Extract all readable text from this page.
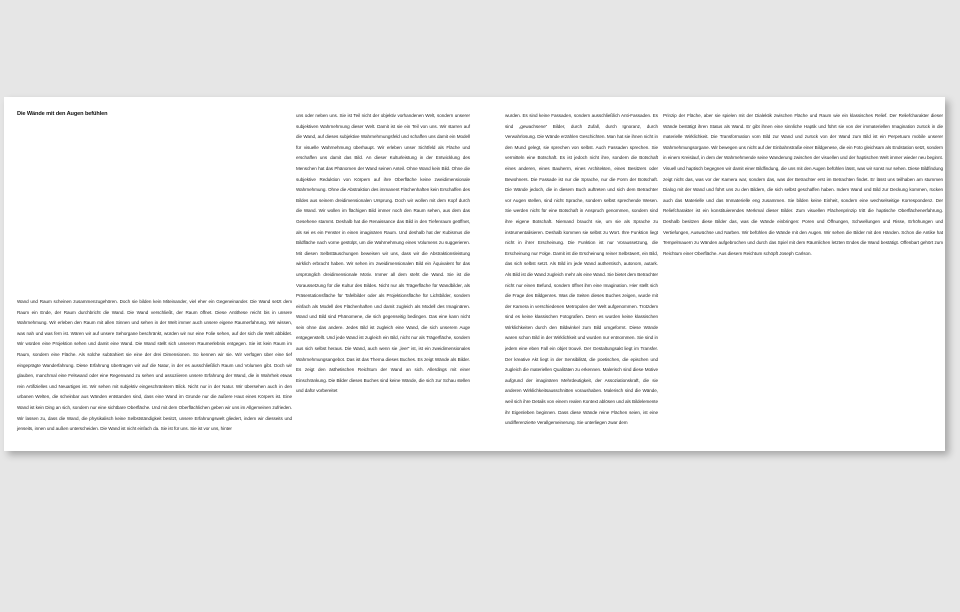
Die Wände mit den Augen befühlen

Wand und Raum scheinen zusammenzugehören. Doch sie bilden kein Miteinander, viel eher ein Gegeneinander. Die Wand setzt dem Raum ein Ende, der Raum durchbricht die Wand. Die Wand verschließt, der Raum öffnet. Diese Antithese reicht bis in unsere Wahrnehmung. Wir erleben den Raum mit allen Sinnen und sehen in der Welt immer auch unsere eigene Raumerfahrung. Wir wissen, was nah und was fern ist. Wären wir auf unsere Sehorgane beschränkt, würden wir nur eine Folie sehen, auf der sich die Welt abbildet. Wir würden eine Projektion sehen und damit eine Wand. Die Wand stellt sich unserem Raumerlebnis entgegen. Sie ist kein Raum im Raum, sondern eine Fläche. Als solche subtrahiert sie eine der drei Dimensionen. So kennen wir sie. Wir verfügen über eine tief eingeprägte Wanderfahrung. Diese Erfahrung übertragen wir auf die Natur, in der es ausschließlich Raum und Volumen gibt. Doch wir glauben, manchmal eine Felswand oder eine Regenwand zu sehen und assoziieren unsere Erfahrung der Wand, die in Wahrheit etwas rein Artifizielles und Neuartiges ist. Wir sehen mit subjektiv eingeschränktem Blick. Nicht nur in der Natur. Wir übersehen auch in den urbanen Welten, die scheinbar aus Wänden entstanden sind, dass eine Wand im Grunde nur die äußere Haut eines Körpers ist. Eine Wand ist kein Ding an sich, sondern nur eine sichtbare Oberfläche. Und mit dem Oberflächlichen geben wir uns im Allgemeinen zufrieden. Wir lassen zu, dass die Wand, die physikalisch keine Selbstständigkeit besitzt, unsere Erfahrungswelt gliedert, indem wir diesseits und jenseits, innen und außen unterscheiden. Die Wand ist nicht einfach da. Sie ist für uns. Sie ist vor uns, hinter

uns oder neben uns. Sie ist Teil nicht der objektiv vorhandenen Welt, sondern unserer subjektiven Wahrnehmung dieser Welt. Damit ist sie ein Teil von uns. Wir starren auf die Wand, auf dieses subjektive Wahrnehmungsfeld und schaffen uns damit ein Modell für visuelle Wahrnehmung überhaupt. Wir erleben unser Sichtfeld als Fläche und erschaffen uns damit das Bild. An dieser Kulturleistung in der Entwicklung des Menschen hat das Phänomen der Wand seinen Anteil. Ohne Wand kein Bild. Ohne die subjektive Reduktion von Körpern auf ihre Oberfläche keine zweidimensionale Wahrnehmung. Ohne die Abstraktion des immanent Flächenhaften kein Erschaffen des Bildes aus seinem dreidimensionalen Ursprung. Doch wir wollen mit dem Kopf durch die Wand. Wir wollen im flächigen Bild immer noch den Raum sehen, aus dem das Gesehene stammt. Deshalb hat die Renaissance das Bild in den Tiefenraum geöffnet, als sei es ein Fenster in einen imaginären Raum. Und deshalb hat der Kubismus die Bildfläche nach vorne gestülpt, um die Wahrnehmung eines Volumens zu suggerieren. Mit diesen Selbsttäuschungen beweisen wir uns, dass wir die Abstraktionsleistung wirklich erbracht haben. Wir sehen im zweidimensionalen Bild ein Äquivalent für das ursprünglich dreidimensionale Motiv. Immer all dem steht die Wand. Sie ist die Voraussetzung für die Kultur des Bildes. Nicht nur als Trägerfläche für Wandbilder, als Präsentationsfläche für Tafelbilder oder als Projektionsfläche für Lichtbilder, sondern einfach als Modell des Flächenhaften und damit zugleich als Modell des Imaginären. Wand und Bild sind Phänomene, die sich gegenseitig bedingen. Das eine kann nicht sein ohne das andere. Jedes Bild ist zugleich eine Wand, die sich unserem Auge entgegenstellt. Und jede Wand ist zugleich ein Bild, nicht nur als Trägerfläche, sondern aus sich selbst heraus. Die Wand, auch wenn sie „leer“ ist, ist ein zweidimensionales Wahrnehmungsangebot. Das ist das Thema dieses Buches. Es zeigt Wände als Bilder. Es zeigt den ästhetischen Reichtum der Wand an sich. Allerdings mit einer Einschränkung. Die Bilder dieses Buches sind keine Wände, die sich zur Schau stellen und dafür vorbereitet

wurden. Es sind keine Fassaden, sondern ausschließlich Anti-Fassaden. Es sind „gewachsene“ Bilder, durch Zufall, durch Ignoranz, durch Verwahrlosung. Die Wände erzählen Geschichten. Man hat sie ihnen nicht in den Mund gelegt, sie sprechen von selbst. Auch Fassaden sprechen. Sie vermitteln eine Botschaft. Es ist jedoch nicht ihre, sondern die Botschaft eines anderen, eines Bauherrn, eines Architekten, eines Besitzers oder Bewohners. Die Fassade ist nur die Sprache, nur die Form der Botschaft. Die Wände jedoch, die in diesem Buch auftreten und sich dem Betrachter vor Augen stellen, sind nicht Sprache, sondern selbst sprechende Wesen. Sie werden nicht für eine Botschaft in Anspruch genommen, sondern sind ihre eigene Botschaft. Niemand braucht sie, um sie als Sprache zu instrumentalisieren. Deshalb kommen sie selbst zu Wort. Ihre Funktion liegt nicht in ihrer Erscheinung. Die Funktion ist nur Voraussetzung, die Erscheinung nur Folge. Damit ist die Erscheinung reiner Selbstwert, ein Bild, das sich selbst setzt. Als Bild im jede Wand authentisch, autonom, autark. Als Bild ist die Wand zugleich mehr als eine Wand. Sie bietet dem Betrachter nicht nur einen Befund, sondern öffnet ihm eine Imagination. Hier stellt sich die Frage des Bildgenres. Was die Seiten dieses Buches zeigen, wurde mit der Kamera in verschiedenen Metropolen der Welt aufgenommen. Trotzdem sind es keine klassischen Fotografien. Denn es wurden keine klassischen Wirklichkeiten durch den Bildwinkel zum Bild umgeformt. Diese Wände waren schon Bild in der Wirklichkeit und wurden nur entnommen. Sie sind in jedem eine eben Fall ein objet trouvé. Der Gestaltungsakt liegt im Transfer. Der kreative Akt liegt in der Sensibilität, die poetischen, die epischen und zugleich die materiellen Qualitäten zu erkennen. Malerisch sind diese Motive aufgrund der imaginären Mehrdeutigkeit, der Assoziationskraft, die sie anderen Wirklichkeitsausschnitten voraushaben. Malerisch sind die Wände, weil sich ihre Details von einem realen Kontext ablösen und als Bildelemente ihr Eigenleben beginnen. Dass diese Wände reine Flächen seien, ist eine undifferenzierte Verallgemeinerung. Sie unterliegen zwar dem

Prinzip der Fläche, aber sie spielen mit der Dialektik zwischen Fläche und Raum wie ein klassisches Relief. Der Reliefcharakter dieser Wände bestätigt ihren Status als Wand. Er gibt ihnen eine sinnliche Haptik und führt sie von der immateriellen Imagination zurück in die materielle Wirklichkeit. Die Transformation vom Bild zur Wand und zurück von der Wand zum Bild ist ein Perpetuum mobile unserer Wahrnehmungsorgane. Wir bewegen uns nicht auf der Einbahnstraße einer Bildgenese, die ein Foto gleichsam als Endstation setzt, sondern in einem Kreislauf, in dem der Wahrnehmende seine Wanderung zwischen der visuellen und der haptischen Welt immer wieder neu beginnt. Visuell und haptisch begegnen wir damit einer Bildfindung, die uns mit den Augen befühlen lässt, was wir sonst nur sehen. Diese Bildfindung zeigt nicht das, was vor der Kamera war, sondern das, was der Betrachter erst im Betrachten findet. Er lässt uns teilhaben am stummen Dialog mit der Wand und führt uns zu den Bildern, die sich selbst geschaffen haben. Indem Wand und Bild zur Deckung kommen, rücken auch das Materielle und das Immaterielle eng zusammen. Sie bilden keine Einheit, sondern eine wechselseitige Korrespondenz. Der Reliefcharakter ist ein konstituierendes Merkmal dieser Bilder. Zum visuellen Flächenprinzip tritt die haptische Oberflächenerfahrung. Deshalb besitzen diese Bilder das, was die Wände einbringen: Poren und Öffnungen, Schwellungen und Risse, Erhöhungen und Vertiefungen, Auswüchse und Narben. Wir befühlen die Wände mit den Augen. Wir sehen die Bilder mit den Händen. Schon die Antike hat Tempelmauern zu Wänden aufgebrochen und durch das Spiel mit dem Räumlichen letzten Endes die Wand bestätigt. Offenbart gehört zum Reichtum einer Oberfläche. Aus diesem Reichtum schöpft Joseph Carlson.
